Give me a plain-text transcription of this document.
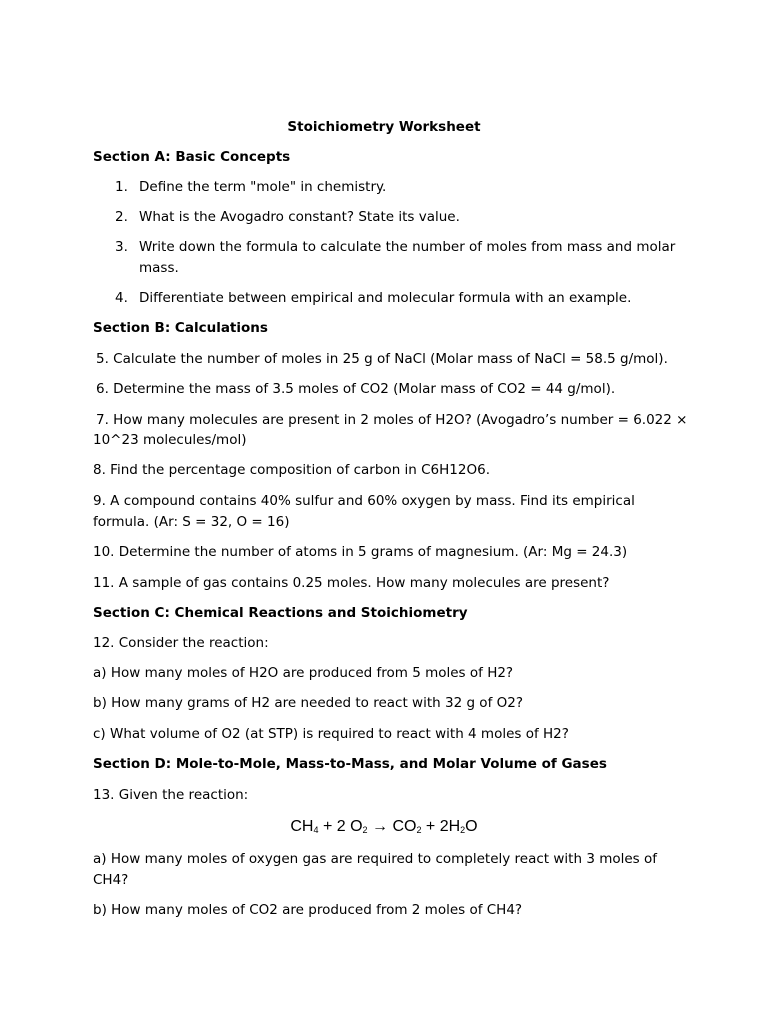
Stoichiometry Worksheet
Section A: Basic Concepts
1. Define the term "mole" in chemistry.
2. What is the Avogadro constant? State its value.
3. Write down the formula to calculate the number of moles from mass and molar
mass.
4. Differentiate between empirical and molecular formula with an example.
Section B: Calculations
5. Calculate the number of moles in 25 g of NaCl (Molar mass of NaCl = 58.5 g/mol).
6. Determine the mass of 3.5 moles of CO2 (Molar mass of CO2 = 44 g/mol).
7. How many molecules are present in 2 moles of H2O? (Avogadro’s number = 6.022 ×
10^23 molecules/mol)
8. Find the percentage composition of carbon in C6H12O6.
9. A compound contains 40% sulfur and 60% oxygen by mass. Find its empirical
formula. (Ar: S = 32, O = 16)
10. Determine the number of atoms in 5 grams of magnesium. (Ar: Mg = 24.3)
11. A sample of gas contains 0.25 moles. How many molecules are present?
Section C: Chemical Reactions and Stoichiometry
12. Consider the reaction:
a) How many moles of H2O are produced from 5 moles of H2?
b) How many grams of H2 are needed to react with 32 g of O2?
c) What volume of O2 (at STP) is required to react with 4 moles of H2?
Section D: Mole-to-Mole, Mass-to-Mass, and Molar Volume of Gases
13. Given the reaction:
$CH_4 + 2$ $O_2 \to CO_2 + 2H_2O$
a) How many moles of oxygen gas are required to completely react with 3 moles of
CH4?
b) How many moles of CO2 are produced from 2 moles of CH4?
